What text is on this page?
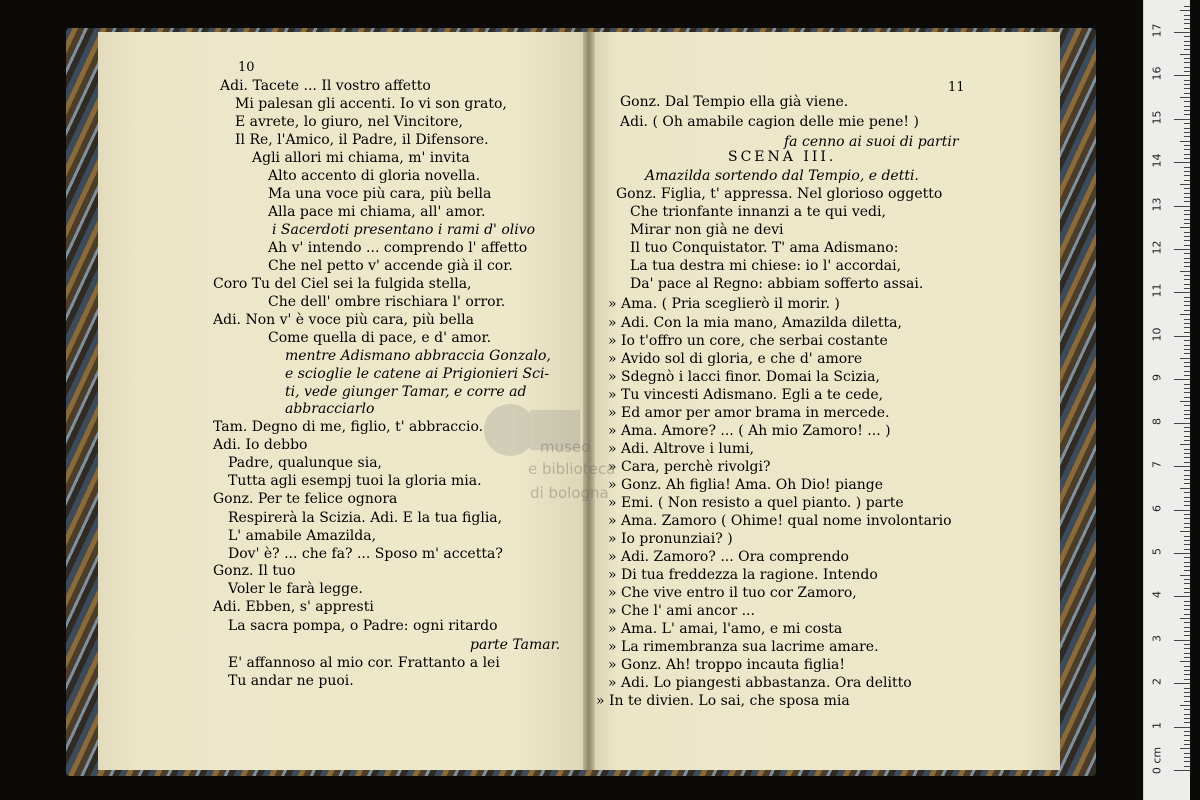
10
11
Adi. Tacete ... Il vostro affetto
Mi palesan gli accenti. Io vi son grato,
E avrete, lo giuro, nel Vincitore,
Il Re, l'Amico, il Padre, il Difensore.
Agli allori mi chiama, m' invita
Alto accento di gloria novella.
Ma una voce più cara, più bella
Alla pace mi chiama, all' amor.
i Sacerdoti presentano i rami d' olivo
Ah v' intendo ... comprendo l' affetto
Che nel petto v' accende già il cor.
Coro Tu del Ciel sei la fulgida stella,
Che dell' ombre rischiara l' orror.
Adi. Non v' è voce più cara, più bella
Come quella di pace, e d' amor.
mentre Adismano abbraccia Gonzalo,
e scioglie le catene ai Prigionieri Sci-
ti, vede giunger Tamar, e corre ad
abbracciarlo
Tam. Degno di me, figlio, t' abbraccio.
Adi. Io debbo
Padre, qualunque sia,
Tutta agli esempj tuoi la gloria mia.
Gonz. Per te felice ognora
Respirerà la Scizia. Adi. E la tua figlia,
L' amabile Amazilda,
Dov' è? ... che fa? ... Sposo m' accetta?
Gonz. Il tuo
Voler le farà legge.
Adi. Ebben, s' appresti
La sacra pompa, o Padre: ogni ritardo
parte Tamar.
E' affannoso al mio cor. Frattanto a lei
Tu andar ne puoi.
Gonz. Dal Tempio ella già viene.
Adi. ( Oh amabile cagion delle mie pene! )
fa cenno ai suoi di partir
SCENA III.
Amazilda sortendo dal Tempio, e detti.
Gonz. Figlia, t' appressa. Nel glorioso oggetto
Che trionfante innanzi a te qui vedi,
Mirar non già ne devi
Il tuo Conquistator. T' ama Adismano:
La tua destra mi chiese: io l' accordai,
Da' pace al Regno: abbiam sofferto assai.
» Ama. ( Pria sceglierò il morir. )
» Adi. Con la mia mano, Amazilda diletta,
» Io t'offro un core, che serbai costante
» Avido sol di gloria, e che d' amore
» Sdegnò i lacci finor. Domai la Scizia,
» Tu vincesti Adismano. Egli a te cede,
» Ed amor per amor brama in mercede.
» Ama. Amore? ... ( Ah mio Zamoro! ... )
» Adi. Altrove i lumi,
» Cara, perchè rivolgi?
» Gonz. Ah figlia! Ama. Oh Dio! piange
» Emi. ( Non resisto a quel pianto. ) parte
» Ama. Zamoro ( Ohime! qual nome involontario
» Io pronunziai? )
» Adi. Zamoro? ... Ora comprendo
» Di tua freddezza la ragione. Intendo
» Che vive entro il tuo cor Zamoro,
» Che l' ami ancor ...
» Ama. L' amai, l'amo, e mi costa
» La rimembranza sua lacrime amare.
» Gonz. Ah! troppo incauta figlia!
» Adi. Lo piangesti abbastanza. Ora delitto
» In te divien. Lo sai, che sposa mia
museo
e biblioteca
di bologna
0 cm
1
2
3
4
5
6
7
8
9
10
11
12
13
14
15
16
17
